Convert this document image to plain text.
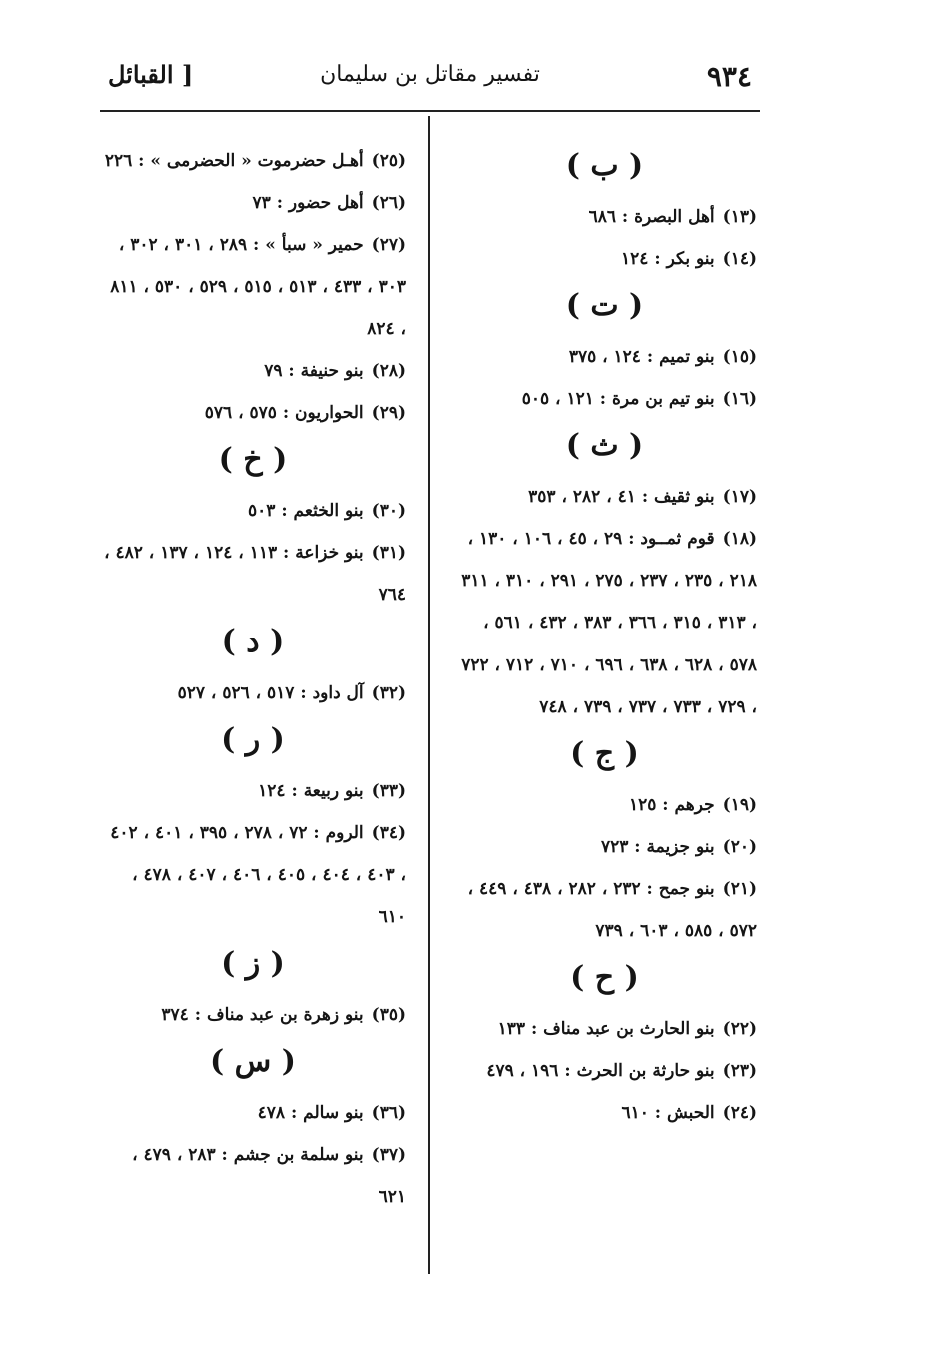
٩٣٤
تفسير مقاتل بن سليمان
[ القبائل
( ب )
(١٣)أهل البصرة : ٦٨٦
(١٤)بنو بكر : ١٢٤
( ت )
(١٥)بنو تميم : ١٢٤ ، ٣٧٥
(١٦)بنو تيم بن مرة : ١٢١ ، ٥٠٥
( ث )
(١٧)بنو ثقيف : ٤١ ، ٢٨٢ ، ٣٥٣
(١٨)قوم ثمــود : ٢٩ ، ٤٥ ، ١٠٦ ، ١٣٠ ، ٢١٨ ، ٢٣٥ ، ٢٣٧ ، ٢٧٥ ، ٢٩١ ، ٣١٠ ، ٣١١ ، ٣١٣ ، ٣١٥ ، ٣٦٦ ، ٣٨٣ ، ٤٣٢ ، ٥٦١ ، ٥٧٨ ، ٦٢٨ ، ٦٣٨ ، ٦٩٦ ، ٧١٠ ، ٧١٢ ، ٧٢٢ ، ٧٢٩ ، ٧٣٣ ، ٧٣٧ ، ٧٣٩ ، ٧٤٨
( ج )
(١٩)جرهم : ١٢٥
(٢٠)بنو جزيمة : ٧٢٣
(٢١)بنو جمح : ٢٣٢ ، ٢٨٢ ، ٤٣٨ ، ٤٤٩ ، ٥٧٢ ، ٥٨٥ ، ٦٠٣ ، ٧٣٩
( ح )
(٢٢)بنو الحارث بن عبد مناف : ١٣٣
(٢٣)بنو حارثة بن الحرث : ١٩٦ ، ٤٧٩
(٢٤)الحبش : ٦١٠
(٢٥)أهـل حضرموت « الحضرمى » : ٢٢٦
(٢٦)أهل حضور : ٧٣
(٢٧)حمير « سبأ » : ٢٨٩ ، ٣٠١ ، ٣٠٢ ، ٣٠٣ ، ٤٣٣ ، ٥١٣ ، ٥١٥ ، ٥٢٩ ، ٥٣٠ ، ٨١١ ، ٨٢٤
(٢٨)بنو حنيفة : ٧٩
(٢٩)الحواريون : ٥٧٥ ، ٥٧٦
( خ )
(٣٠)بنو الخثعم : ٥٠٣
(٣١)بنو خزاعة : ١١٣ ، ١٢٤ ، ١٣٧ ، ٤٨٢ ، ٧٦٤
( د )
(٣٢)آل داود : ٥١٧ ، ٥٢٦ ، ٥٢٧
( ر )
(٣٣)بنو ربيعة : ١٢٤
(٣٤)الروم : ٧٢ ، ٢٧٨ ، ٣٩٥ ، ٤٠١ ، ٤٠٢ ، ٤٠٣ ، ٤٠٤ ، ٤٠٥ ، ٤٠٦ ، ٤٠٧ ، ٤٧٨ ، ٦١٠
( ز )
(٣٥)بنو زهرة بن عبد مناف : ٣٧٤
( س )
(٣٦)بنو سالم : ٤٧٨
(٣٧)بنو سلمة بن جشم : ٢٨٣ ، ٤٧٩ ، ٦٢١
